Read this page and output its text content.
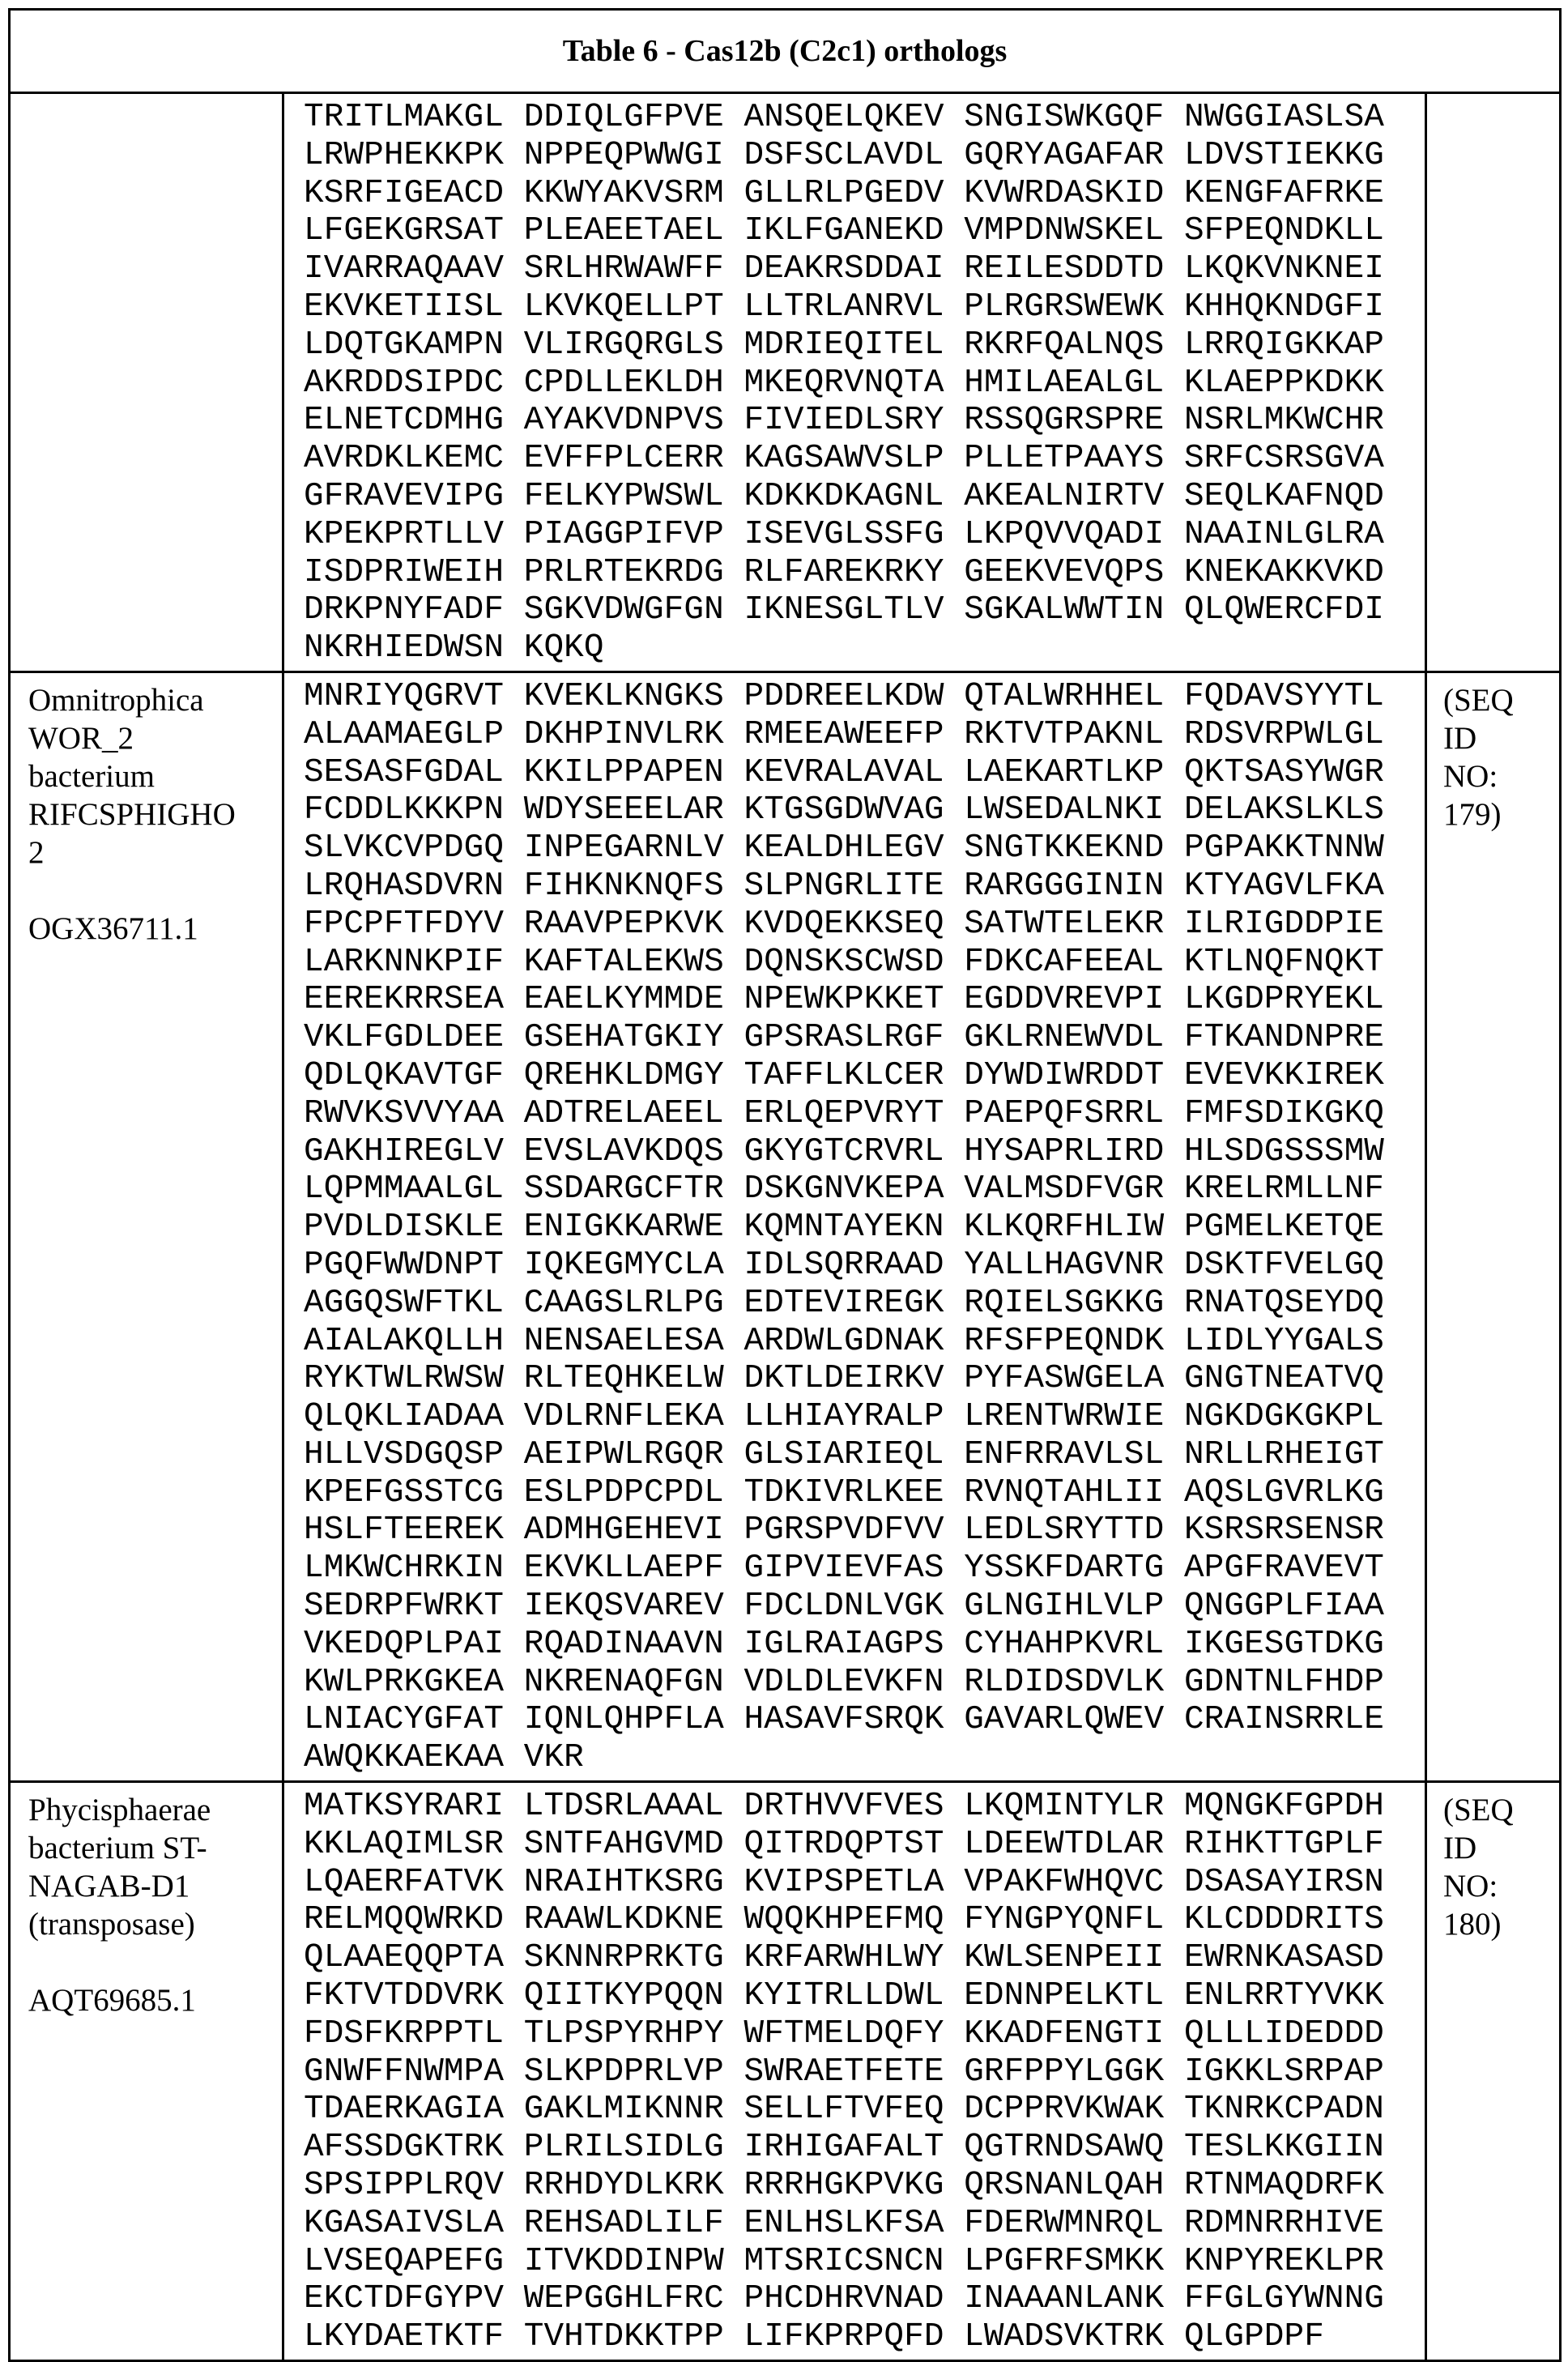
Table 6 - Cas12b (C2c1) orthologs

TRITLMAKGL DDIQLGFPVE ANSQELQKEV SNGISWKGQF NWGGIASLSA
LRWPHEKKPK NPPEQPWWGI DSFSCLAVDL GQRYAGAFAR LDVSTIEKKG
KSRFIGEACD KKWYAKVSRM GLLRLPGEDV KVWRDASKID KENGFAFRKE
LFGEKGRSAT PLEAEETAEL IKLFGANEKD VMPDNWSKEL SFPEQNDKLL
IVARRAQAAV SRLHRWAWFF DEAKRSDDAI REILESDDTD LKQKVNKNEI
EKVKETIISL LKVKQELLPT LLTRLANRVL PLRGRSWEWK KHHQKNDGFI
LDQTGKAMPN VLIRGQRGLS MDRIEQITEL RKRFQALNQS LRRQIGKKAP
AKRDDSIPDC CPDLLEKLDH MKEQRVNQTA HMILAEALGL KLAEPPKDKK
ELNETCDMHG AYAKVDNPVS FIVIEDLSRY RSSQGRSPRE NSRLMKWCHR
AVRDKLKEMC EVFFPLCERR KAGSAWVSLP PLLETPAAYS SRFCSRSGVA
GFRAVEVIPG FELKYPWSWL KDKKDKAGNL AKEALNIRTV SEQLKAFNQD
KPEKPRTLLV PIAGGPIFVP ISEVGLSSFG LKPQVVQADI NAAINLGLRA
ISDPRIWEIH PRLRTEKRDG RLFAREKRKY GEEKVEVQPS KNEKAKKVKD
DRKPNYFADF SGKVDWGFGN IKNESGLTLV SGKALWWTIN QLQWERCFDI
NKRHIEDWSN KQKQ

Omnitrophica
WOR_2
bacterium
RIFCSPHIGHO
2
OGX36711.1

MNRIYQGRVT KVEKLKNGKS PDDREELKDW QTALWRHHEL FQDAVSYYTL
ALAAMAEGLP DKHPINVLRK RMEEAWEEFP RKTVTPAKNL RDSVRPWLGL
SESASFGDAL KKILPPAPEN KEVRALAVAL LAEKARTLKP QKTSASYWGR
FCDDLKKKPN WDYSEEELAR KTGSGDWVAG LWSEDALNKI DELAKSLKLS
SLVKCVPDGQ INPEGARNLV KEALDHLEGV SNGTKKEKND PGPAKKTNNW
LRQHASDVRN FIHKNKNQFS SLPNGRLITE RARGGGININ KTYAGVLFKA
FPCPFTFDYV RAAVPEPKVK KVDQEKKSEQ SATWTELEKR ILRIGDDPIE
LARKNNKPIF KAFTALEKWS DQNSKSCWSD FDKCAFEEAL KTLNQFNQKT
EEREKRRSEA EAELKYMMDE NPEWKPKKET EGDDVREVPI LKGDPRYEKL
VKLFGDLDEE GSEHATGKIY GPSRASLRGF GKLRNEWVDL FTKANDNPRE
QDLQKAVTGF QREHKLDMGY TAFFLKLCER DYWDIWRDDT EVEVKKIREK
RWVKSVVYAA ADTRELAEEL ERLQEPVRYT PAEPQFSRRL FMFSDIKGKQ
GAKHIREGLV EVSLAVKDQS GKYGTCRVRL HYSAPRLIRD HLSDGSSSMW
LQPMMAALGL SSDARGCFTR DSKGNVKEPA VALMSDFVGR KRELRMLLNF
PVDLDISKLE ENIGKKARWE KQMNTAYEKN KLKQRFHLIW PGMELKETQE
PGQFWWDNPT IQKEGMYCLA IDLSQRRAAD YALLHAGVNR DSKTFVELGQ
AGGQSWFTKL CAAGSLRLPG EDTEVIREGK RQIELSGKKG RNATQSEYDQ
AIALAKQLLH NENSAELESA ARDWLGDNAK RFSFPEQNDK LIDLYYGALS
RYKTWLRWSW RLTEQHKELW DKTLDEIRKV PYFASWGELA GNGTNEATVQ
QLQKLIADAA VDLRNFLEKA LLHIAYRALP LRENTWRWIE NGKDGKGKPL
HLLVSDGQSP AEIPWLRGQR GLSIARIEQL ENFRRAVLSL NRLLRHEIGT
KPEFGSSTCG ESLPDPCPDL TDKIVRLKEE RVNQTAHLII AQSLGVRLKG
HSLFTEEREK ADMHGEHEVI PGRSPVDFVV LEDLSRYTTD KSRSRSENSR
LMKWCHRKIN EKVKLLAEPF GIPVIEVFAS YSSKFDARTG APGFRAVEVT
SEDRPFWRKT IEKQSVAREV FDCLDNLVGK GLNGIHLVLP QNGGPLFIAA
VKEDQPLPAI RQADINAAVN IGLRAIAGPS CYHAHPKVRL IKGESGTDKG
KWLPRKGKEA NKRENAQFGN VDLDLEVKFN RLDIDSDVLK GDNTNLFHDP
LNIACYGFAT IQNLQHPFLA HASAVFSRQK GAVARLQWEV CRAINSRRLE
AWQKKAEKAA VKR

(SEQ
ID
NO:
179)

Phycisphaerae
bacterium ST-
NAGAB-D1
(transposase)
AQT69685.1

MATKSYRARI LTDSRLAAAL DRTHVVFVES LKQMINTYLR MQNGKFGPDH
KKLAQIMLSR SNTFAHGVMD QITRDQPTST LDEEWTDLAR RIHKTTGPLF
LQAERFATVK NRAIHTKSRG KVIPSPETLA VPAKFWHQVC DSASAYIRSN
RELMQQWRKD RAAWLKDKNE WQQKHPEFMQ FYNGPYQNFL KLCDDDRITS
QLAAEQQPTA SKNNRPRKTG KRFARWHLWY KWLSENPEII EWRNKASASD
FKTVTDDVRK QIITKYPQQN KYITRLLDWL EDNNPELKTL ENLRRTYVKK
FDSFKRPPTL TLPSPYRHPY WFTMELDQFY KKADFENGTI QLLLIDEDDD
GNWFFNWMPA SLKPDPRLVP SWRAETFETE GRFPPYLGGK IGKKLSRPAP
TDAERKAGIA GAKLMIKNNR SELLFTVFEQ DCPPRVKWAK TKNRKCPADN
AFSSDGKTRK PLRILSIDLG IRHIGAFALT QGTRNDSAWQ TESLKKGIIN
SPSIPPLRQV RRHDYDLKRK RRRHGKPVKG QRSNANLQAH RTNMAQDRFK
KGASAIVSLA REHSADLILF ENLHSLKFSA FDERWMNRQL RDMNRRHIVE
LVSEQAPEFG ITVKDDINPW MTSRICSNCN LPGFRFSMKK KNPYREKLPR
EKCTDFGYPV WEPGGHLFRC PHCDHRVNAD INAAANLANK FFGLGYWNNG
LKYDAETKTF TVHTDKKTPP LIFKPRPQFD LWADSVKTRK QLGPDPF

(SEQ
ID
NO:
180)
